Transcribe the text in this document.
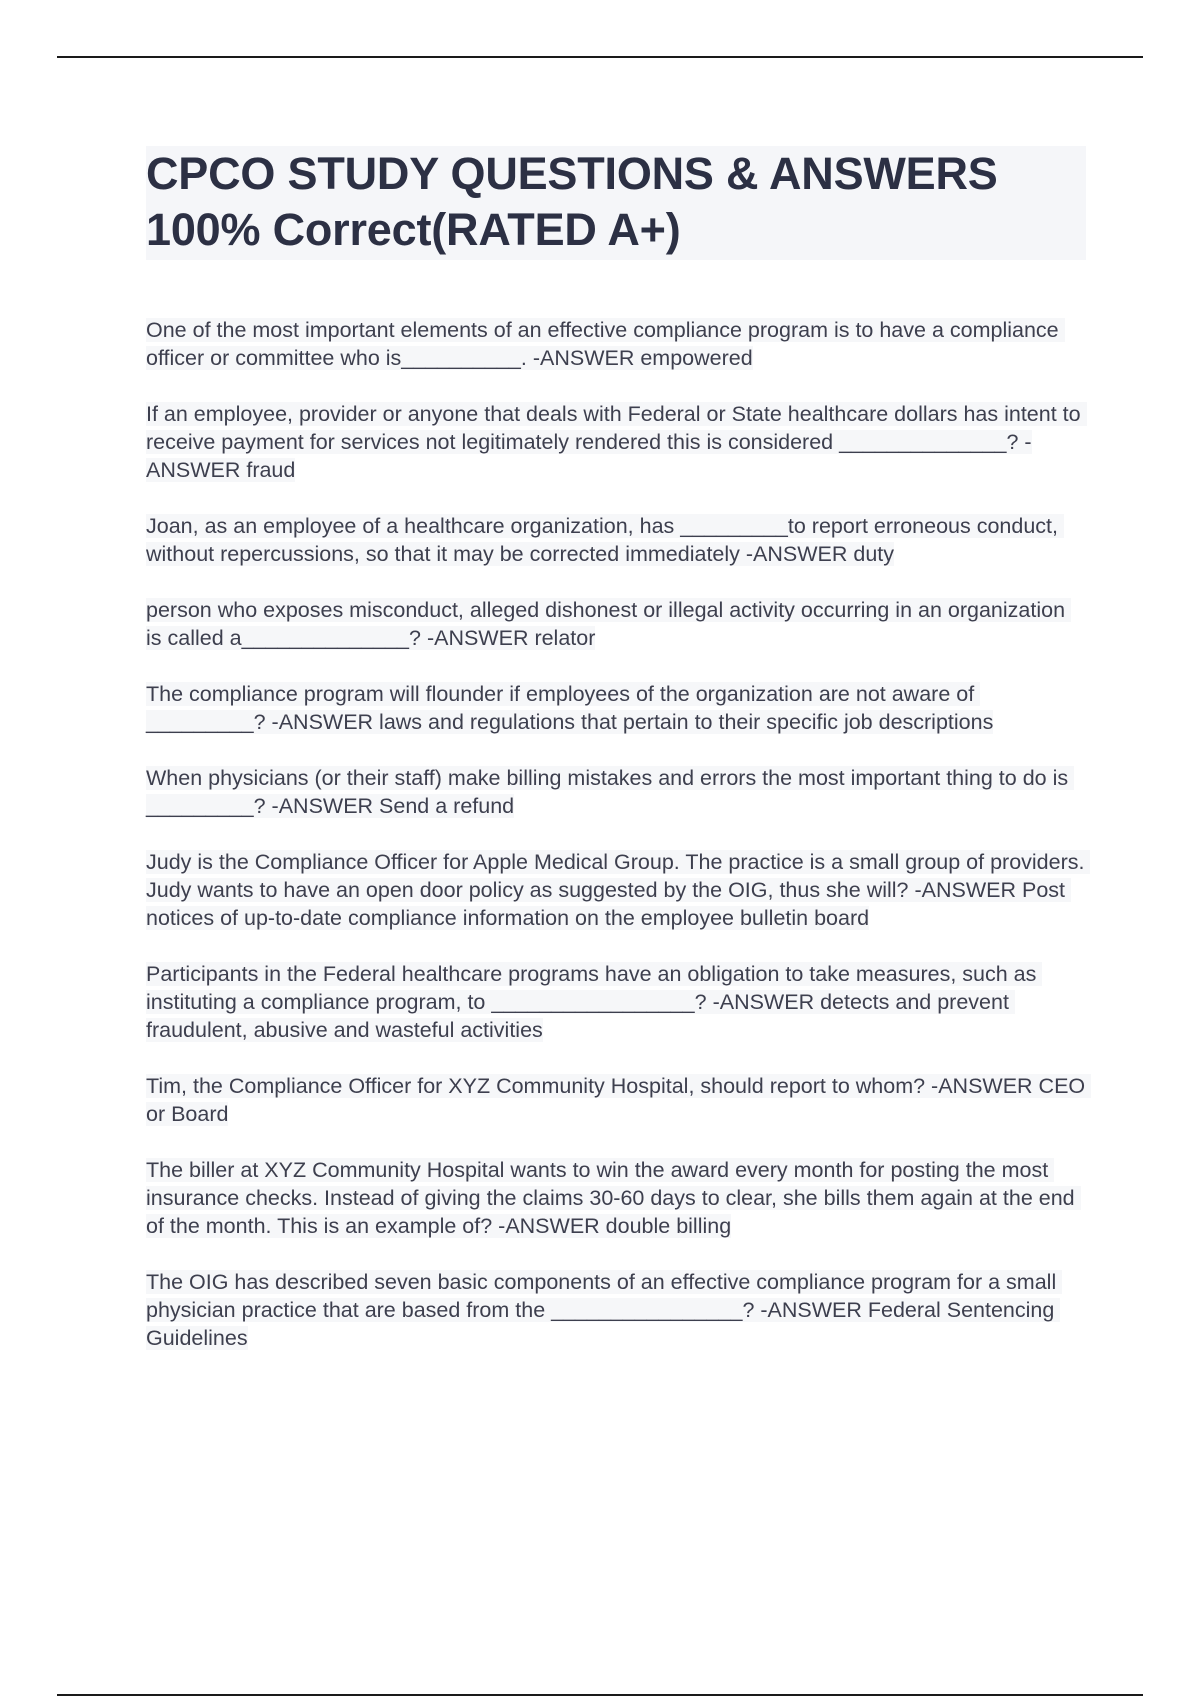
CPCO STUDY QUESTIONS & ANSWERS
100% Correct(RATED A+)

One of the most important elements of an effective compliance program is to have a compliance officer or committee who is__________. -ANSWER empowered

If an employee, provider or anyone that deals with Federal or State healthcare dollars has intent to receive payment for services not legitimately rendered this is considered ______________? -ANSWER fraud

Joan, as an employee of a healthcare organization, has _________to report erroneous conduct, without repercussions, so that it may be corrected immediately -ANSWER duty

person who exposes misconduct, alleged dishonest or illegal activity occurring in an organization is called a______________? -ANSWER relator

The compliance program will flounder if employees of the organization are not aware of _________? -ANSWER laws and regulations that pertain to their specific job descriptions

When physicians (or their staff) make billing mistakes and errors the most important thing to do is _________? -ANSWER Send a refund

Judy is the Compliance Officer for Apple Medical Group. The practice is a small group of providers. Judy wants to have an open door policy as suggested by the OIG, thus she will? -ANSWER Post notices of up-to-date compliance information on the employee bulletin board

Participants in the Federal healthcare programs have an obligation to take measures, such as instituting a compliance program, to _________________? -ANSWER detects and prevent fraudulent, abusive and wasteful activities

Tim, the Compliance Officer for XYZ Community Hospital, should report to whom? -ANSWER CEO or Board

The biller at XYZ Community Hospital wants to win the award every month for posting the most insurance checks. Instead of giving the claims 30-60 days to clear, she bills them again at the end of the month. This is an example of? -ANSWER double billing

The OIG has described seven basic components of an effective compliance program for a small physician practice that are based from the ________________? -ANSWER Federal Sentencing Guidelines
